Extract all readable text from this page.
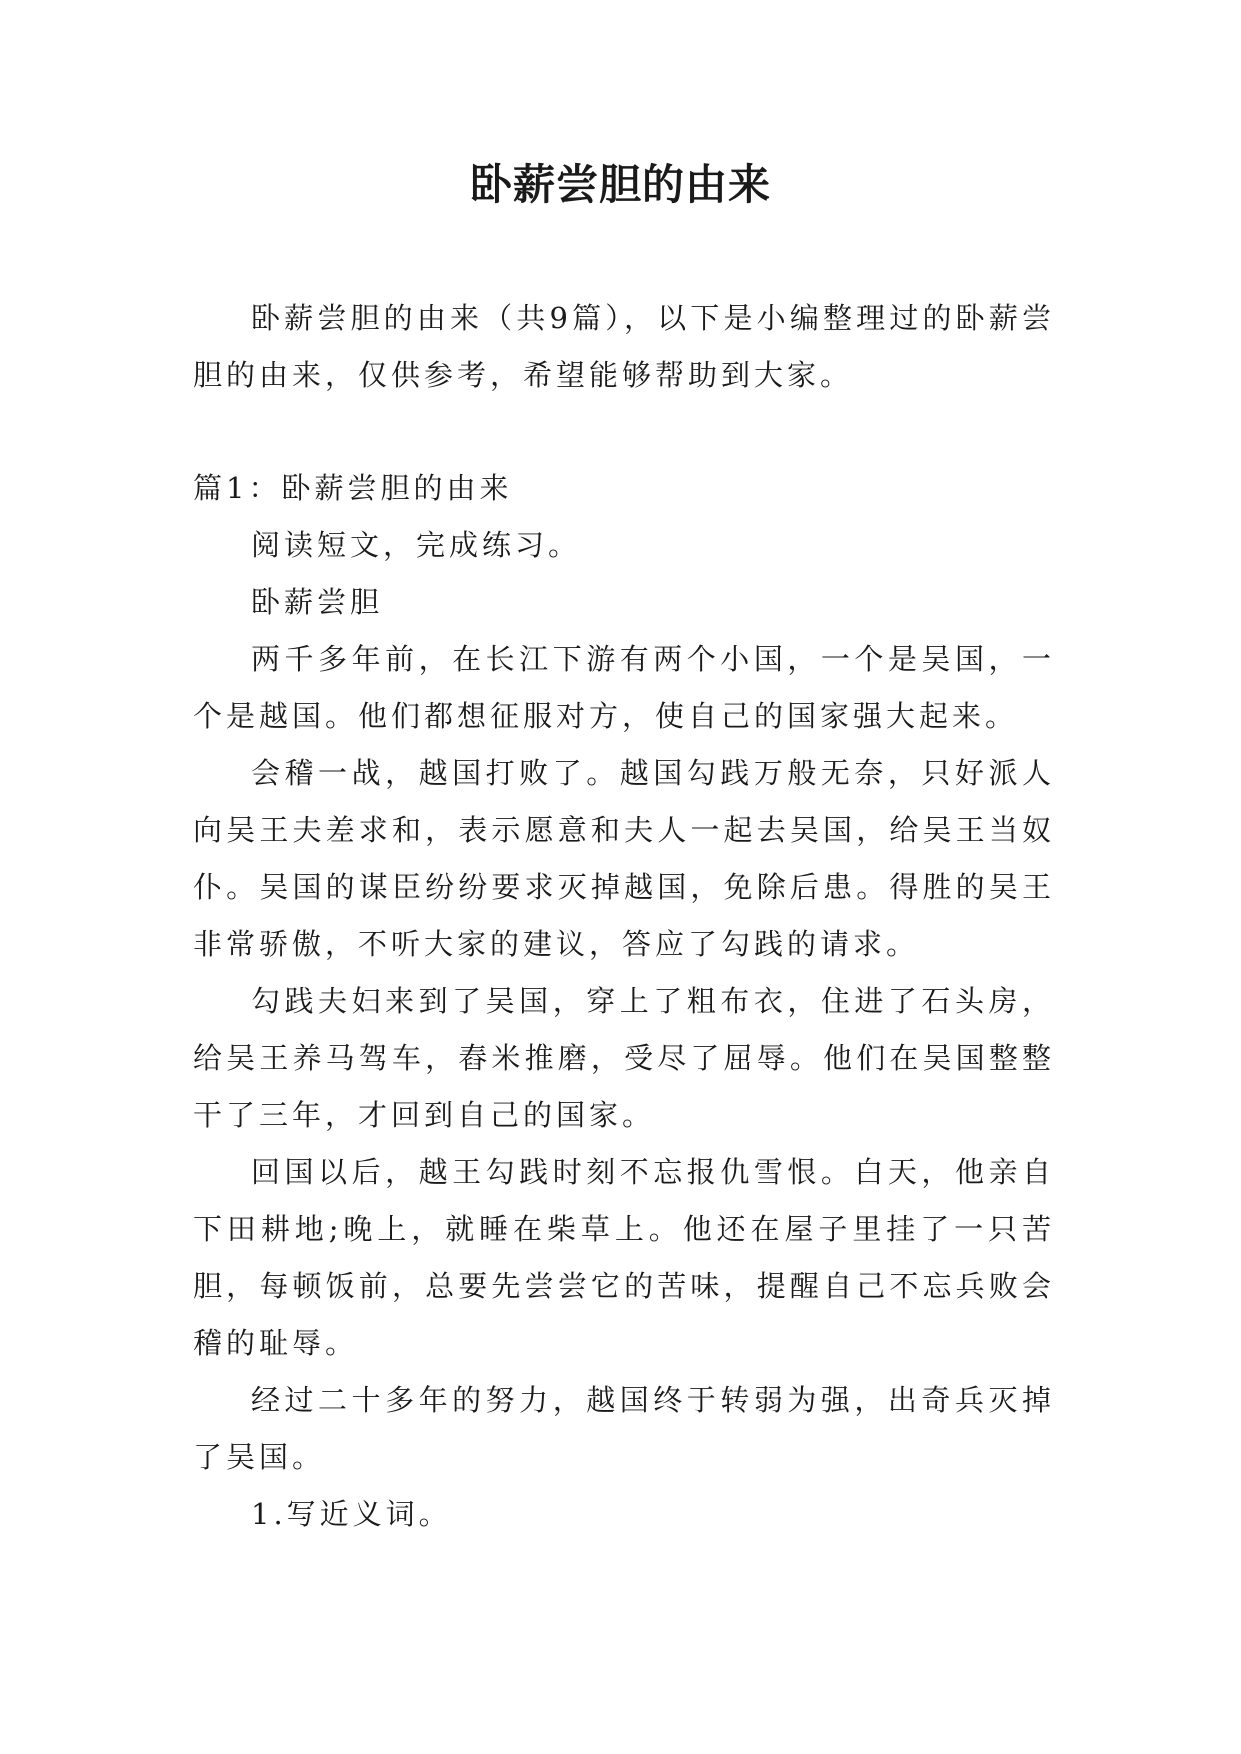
卧薪尝胆的由来

卧薪尝胆的由来（共9篇），以下是小编整理过的卧薪尝胆的由来，仅供参考，希望能够帮助到大家。

篇1：卧薪尝胆的由来

阅读短文，完成练习。

卧薪尝胆

两千多年前，在长江下游有两个小国，一个是吴国，一个是越国。他们都想征服对方，使自己的国家强大起来。

会稽一战，越国打败了。越国勾践万般无奈，只好派人向吴王夫差求和，表示愿意和夫人一起去吴国，给吴王当奴仆。吴国的谋臣纷纷要求灭掉越国，免除后患。得胜的吴王非常骄傲，不听大家的建议，答应了勾践的请求。

勾践夫妇来到了吴国，穿上了粗布衣，住进了石头房，给吴王养马驾车，舂米推磨，受尽了屈辱。他们在吴国整整干了三年，才回到自己的国家。

回国以后，越王勾践时刻不忘报仇雪恨。白天，他亲自下田耕地;晚上，就睡在柴草上。他还在屋子里挂了一只苦胆，每顿饭前，总要先尝尝它的苦味，提醒自己不忘兵败会稽的耻辱。

经过二十多年的努力，越国终于转弱为强，出奇兵灭掉了吴国。

1.写近义词。
